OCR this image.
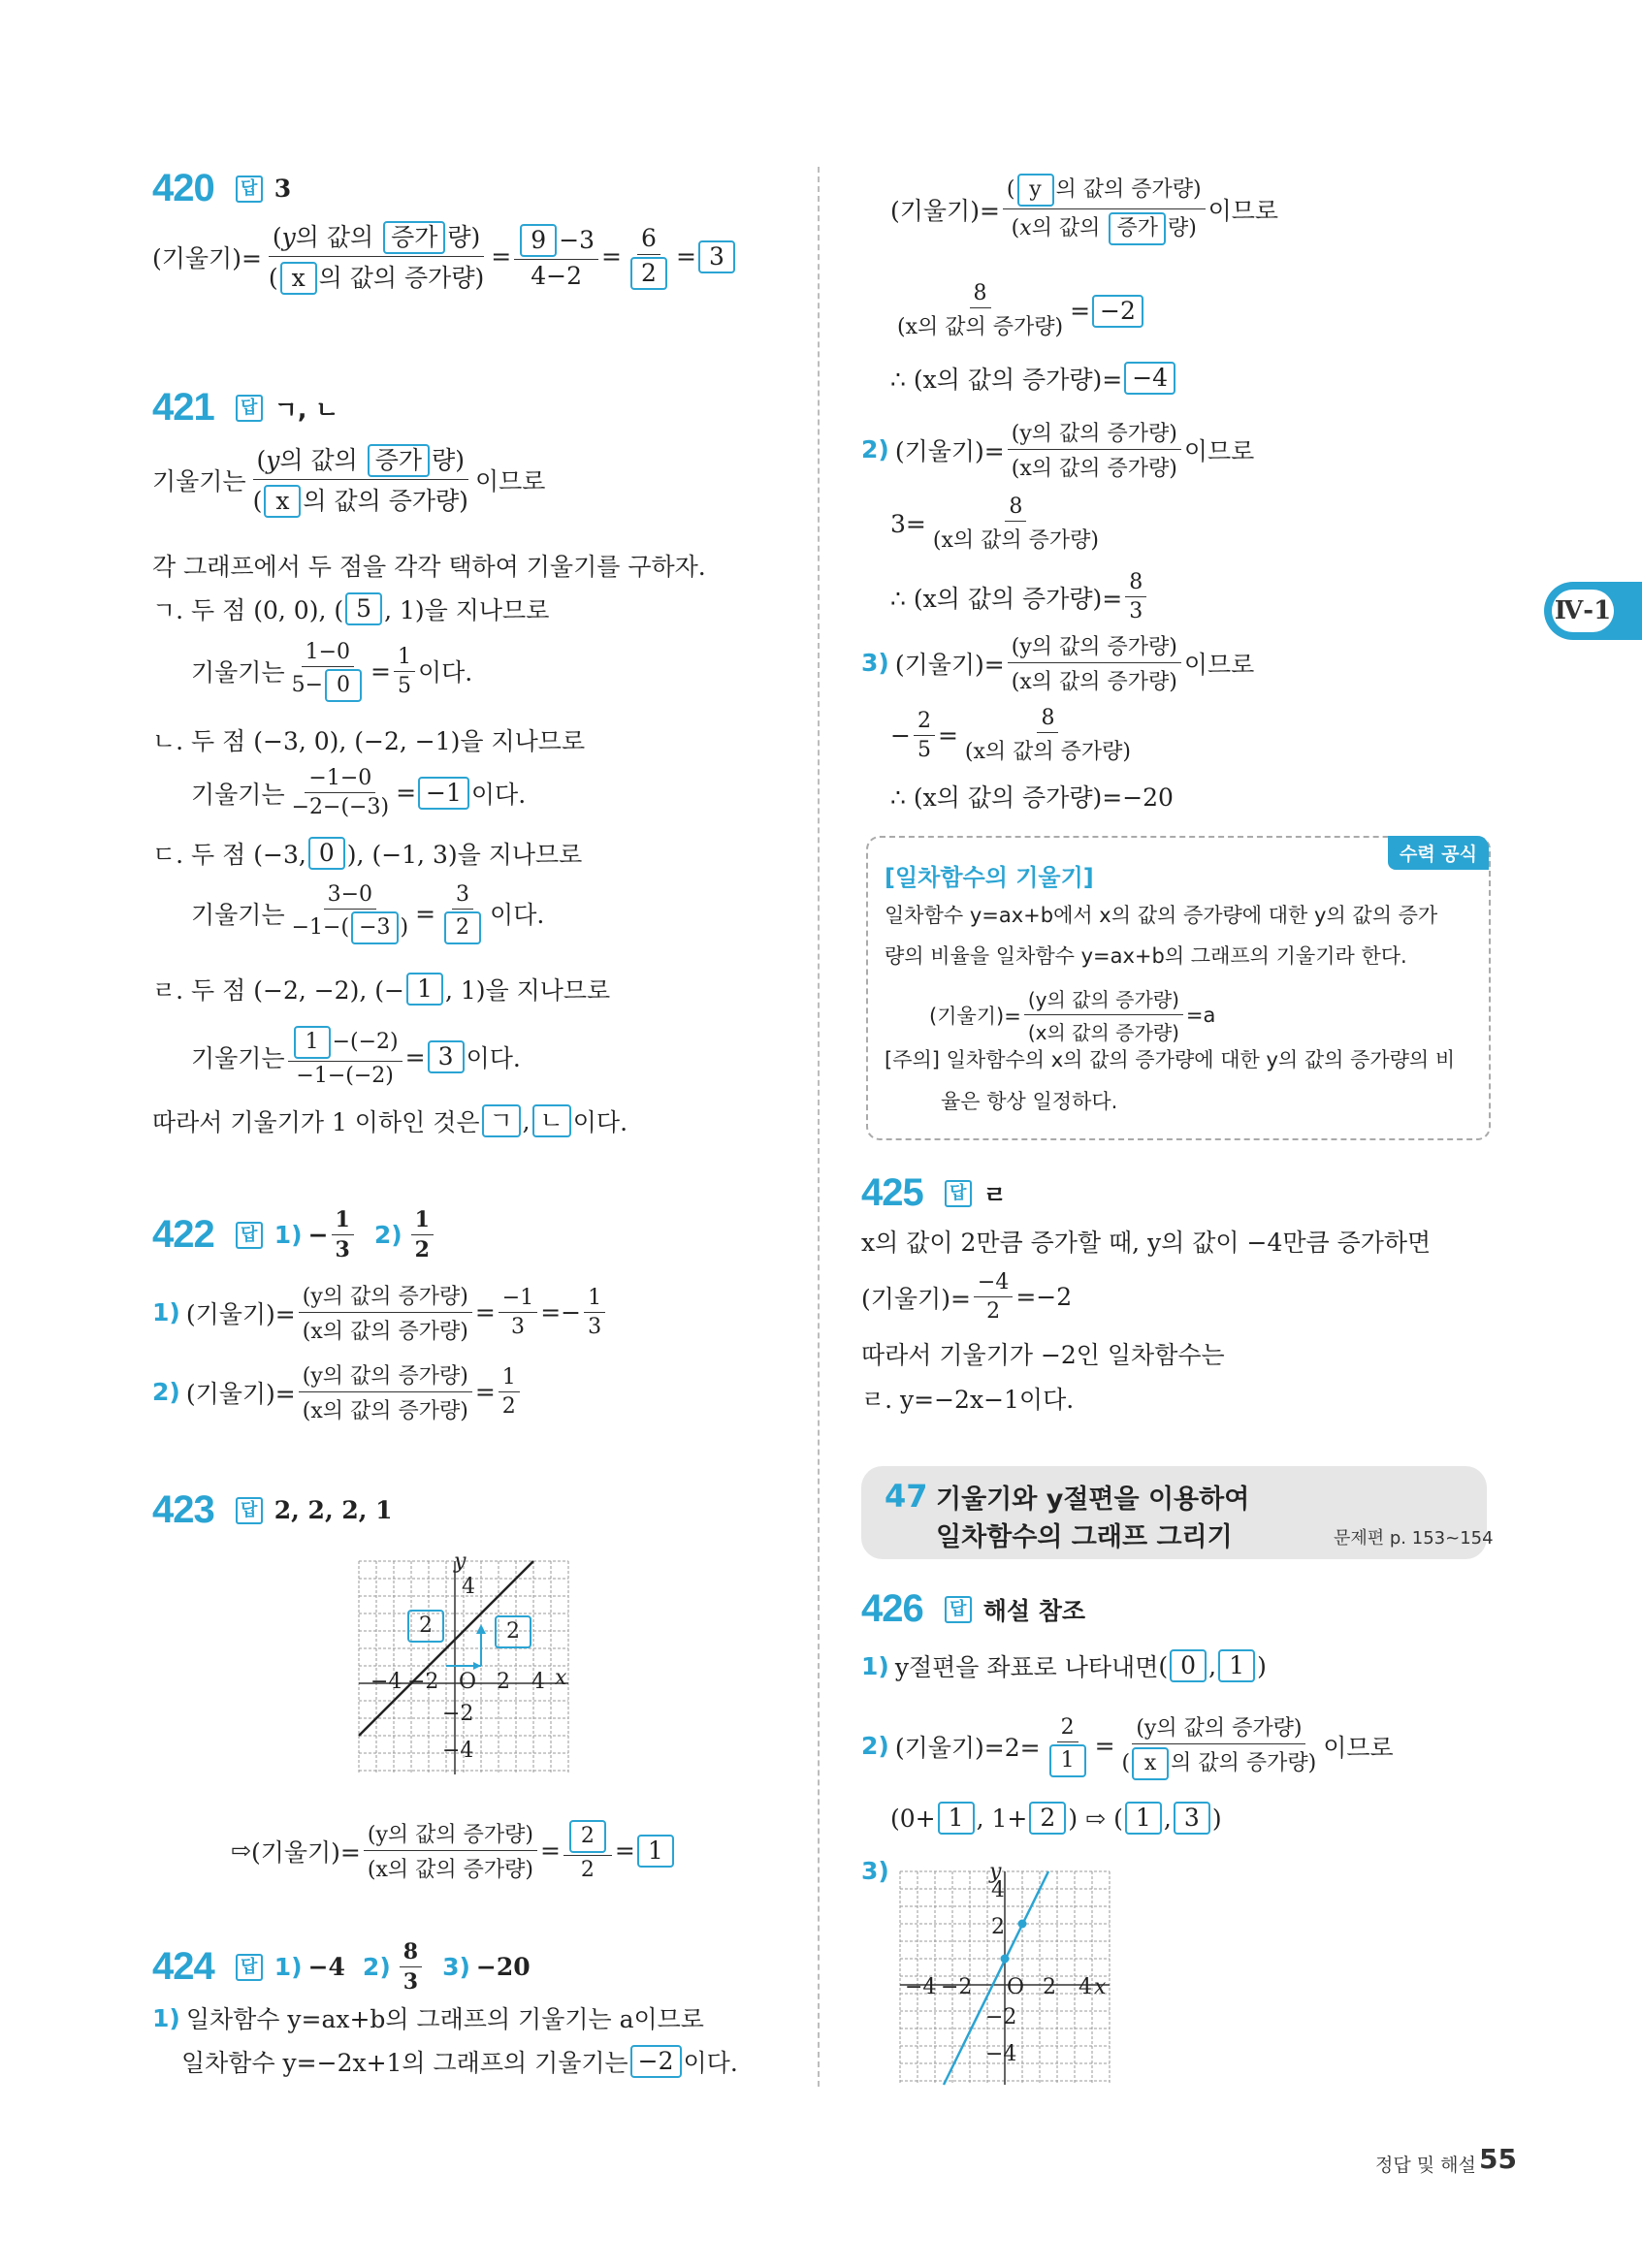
420 답 3
(기울기)= $\frac{\text{(y의 값의 증가 량)}}{\text{( x 의 값의 증가량)}} = \frac{9 -3}{4-2} = \frac{6}{2} = 3$
421 답 ㄱ, ㄴ
기울기는 $\frac{\text{(y의 값의 증가 량)}}{\text{( x 의 값의 증가량)}}$ 이므로
각 그래프에서 두 점을 각각 택하여 기울기를 구하자.
ㄱ. 두 점 (0, 0), ( 5 , 1)을 지나므로
기울기는 $\frac{1-0}{5- 0} = \frac{1}{5}$ 이다.
ㄴ. 두 점 (−3, 0), (−2, −1)을 지나므로
기울기는 $\frac{-1-0}{-2-(-3)} = -1$ 이다.
ㄷ. 두 점 (−3, 0 ), (−1, 3)을 지나므로
기울기는 $\frac{3-0}{-1-( -3 )} = \frac{3}{2}$ 이다.
ㄹ. 두 점 (−2, −2), (− 1 , 1)을 지나므로
기울기는 $\frac{1 -(-2)}{-1-(-2)} = 3$ 이다.
따라서 기울기가 1 이하인 것은 ㄱ , ㄴ 이다.
422 답 $1) - \frac{1}{3} 2) \frac{1}{2}$
1) (기울기)= $\frac{\text{(y의 값의 증가량)}}{\text{(x의 값의 증가량)}} = \frac{-1}{3} =- \frac{1}{3}$
2) (기울기)= $\frac{\text{(y의 값의 증가량)}}{\text{(x의 값의 증가량)}} = \frac{1}{2}$
423 답 2, 2, 2, 1
2	2
y
x
O 2 4
−4 −2
4
−2
−4
⇨ (기울기)= $\frac{\text{(y의 값의 증가량)}}{\text{(x의 값의 증가량)}} = \frac{2}{2} = 1$
424 답 1) −4 $2) \frac{8}{3} 3) -20$
1) 일차함수 y=ax+b의 그래프의 기울기는 a이므로
일차함수 y=−2x+1의 그래프의 기울기는 −2 이다.
(기울기)= $\frac{\text{( y 의 값의 증가량)}}{\text{(x의 값의 증가 량)}}$ 이므로
$\frac{8}{\text{(x의 값의 증가량)}} = -2$
∴ (x의 값의 증가량)= −4
2) (기울기)= $\frac{\text{(y의 값의 증가량)}}{\text{(x의 값의 증가량)}}$ 이므로
$3= \frac{8}{\text{(x의 값의 증가량)}}$
∴ (x의 값의 증가량)= $\frac{8}{3}$
3) (기울기)= $\frac{\text{(y의 값의 증가량)}}{\text{(x의 값의 증가량)}}$ 이므로
− $\frac{2}{5} = \frac{8}{\text{(x의 값의 증가량)}}$
∴ (x의 값의 증가량)=−20
수력 공식
[일차함수의 기울기]
일차함수 y=ax+b에서 x의 값의 증가량에 대한 y의 값의 증가
량의 비율을 일차함수 y=ax+b의 그래프의 기울기라 한다.
(기울기)= $\frac{\text{(y의 값의 증가량)}}{\text{(x의 값의 증가량)}} =a$
[주의] 일차함수의 x의 값의 증가량에 대한 y의 값의 증가량의 비
율은 항상 일정하다.
425 답 ㄹ
x의 값이 2만큼 증가할 때, y의 값이 −4만큼 증가하면
(기울기)= $\frac{-4}{2} =-2$
따라서 기울기가 −2인 일차함수는
ㄹ. y=−2x−1이다.
47 기울기와 y절편을 이용하여
일차함수의 그래프 그리기	문제편 p. 153~154
426 답 해설 참조
1) y절편을 좌표로 나타내면 ( 0 , 1 )
2) (기울기)$=2= \frac{2}{1} = \frac{\text{(y의 값의 증가량)}}{\text{( x 의 값의 증가량)}}$ 이므로
( 0+ 1 , 1+ 2 ) ⇨ ( 1 , 3 )
3)	y
x
O 2 4
−4 −2
4
2
−2
−4
Ⅳ-1
정답 및 해설 55
